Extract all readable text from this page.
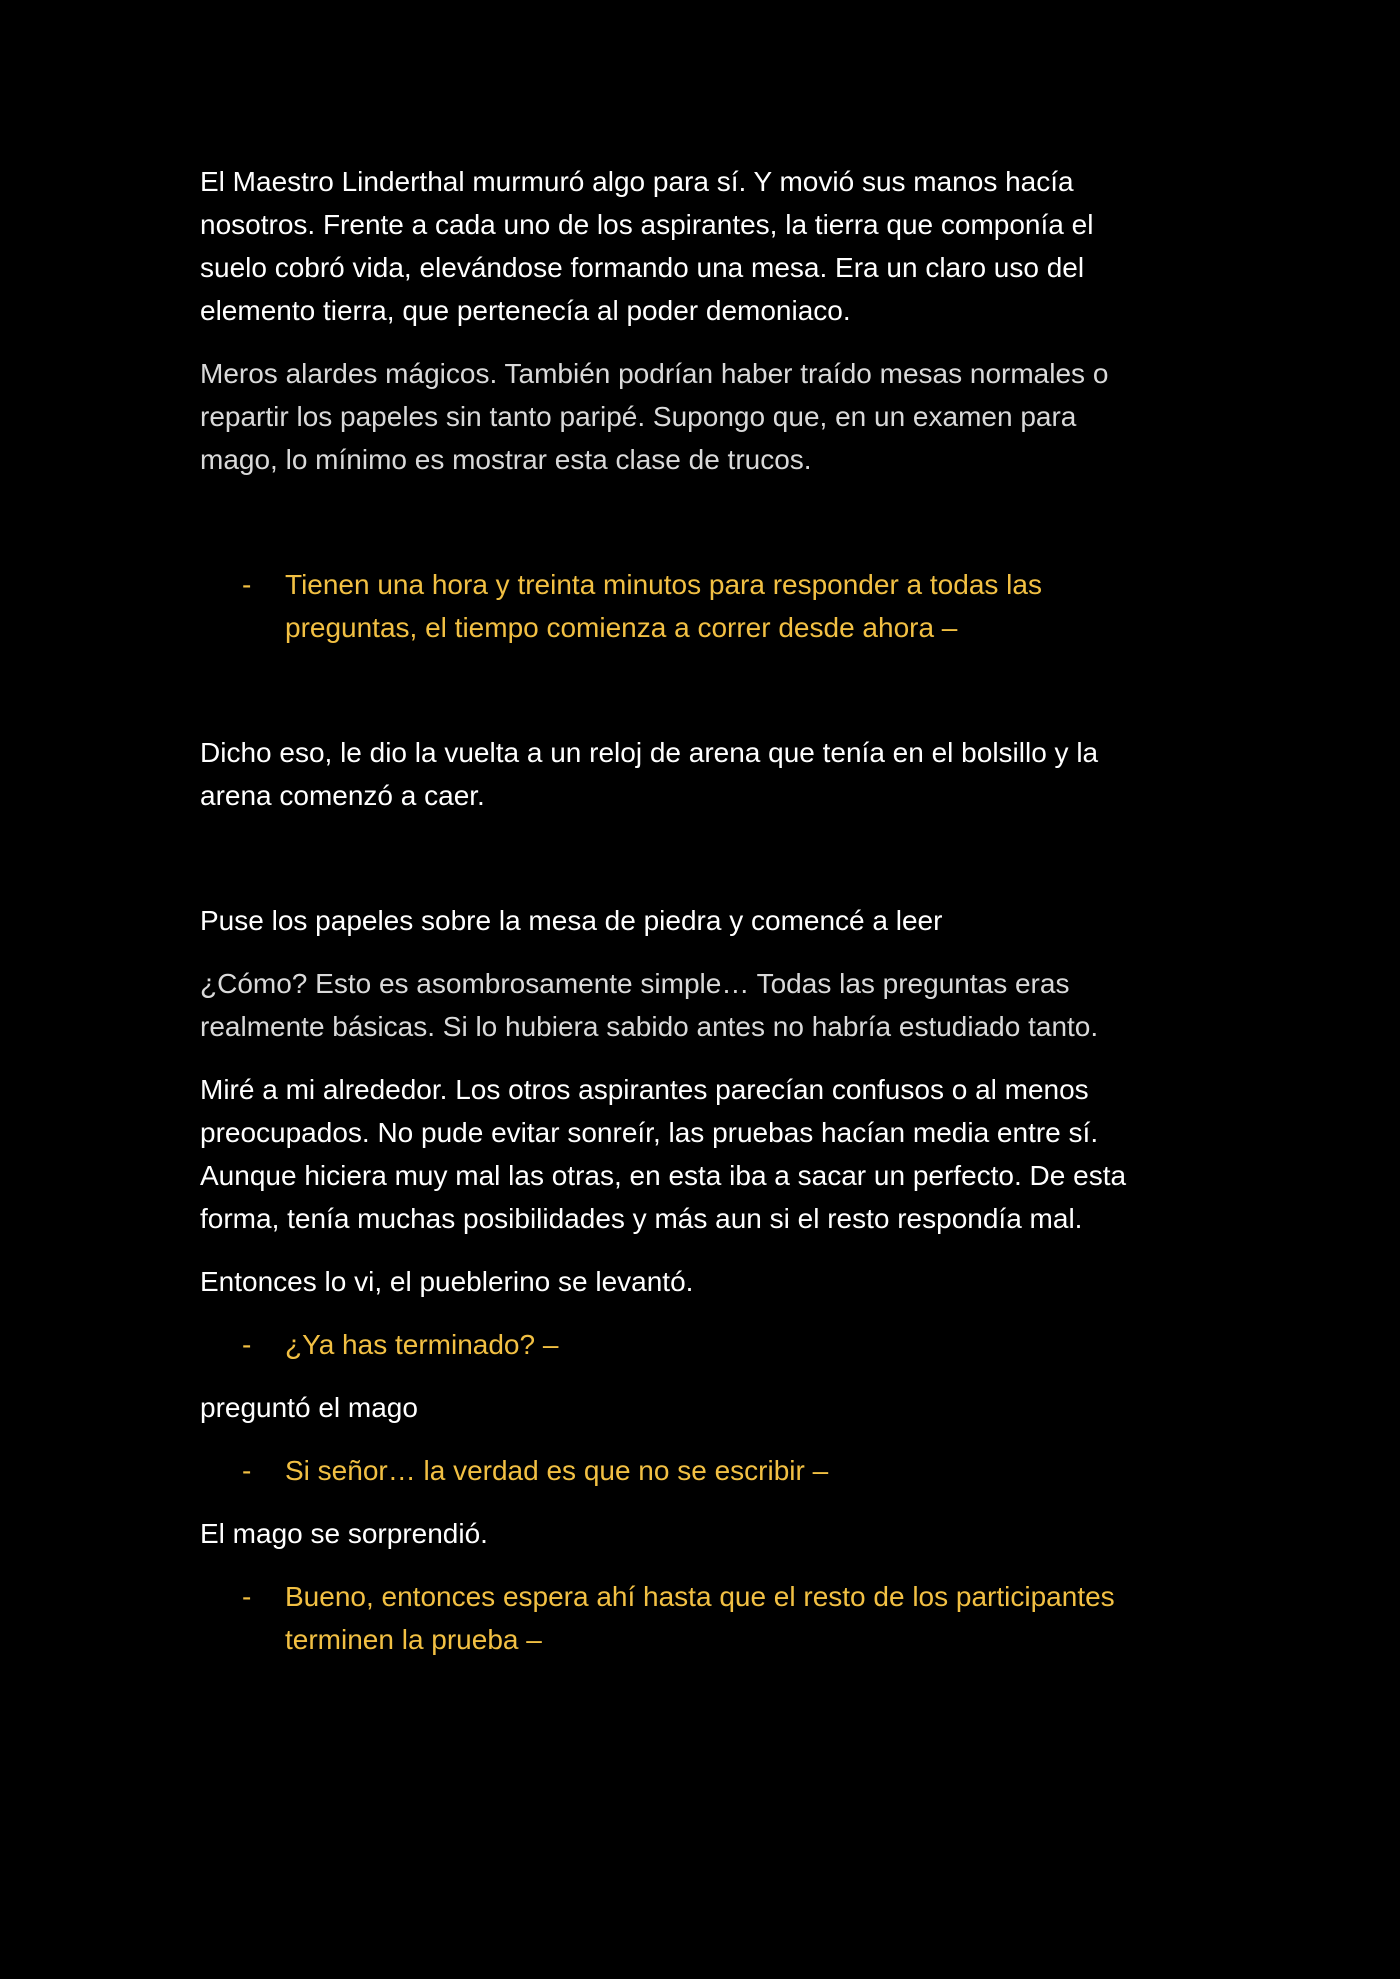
El Maestro Linderthal murmuró algo para sí. Y movió sus manos hacía
nosotros. Frente a cada uno de los aspirantes, la tierra que componía el
suelo cobró vida, elevándose formando una mesa. Era un claro uso del
elemento tierra, que pertenecía al poder demoniaco.

Meros alardes mágicos. También podrían haber traído mesas normales o
repartir los papeles sin tanto paripé. Supongo que, en un examen para
mago, lo mínimo es mostrar esta clase de trucos.

- Tienen una hora y treinta minutos para responder a todas las
preguntas, el tiempo comienza a correr desde ahora –

Dicho eso, le dio la vuelta a un reloj de arena que tenía en el bolsillo y la
arena comenzó a caer.

Puse los papeles sobre la mesa de piedra y comencé a leer

¿Cómo? Esto es asombrosamente simple… Todas las preguntas eras
realmente básicas. Si lo hubiera sabido antes no habría estudiado tanto.

Miré a mi alrededor. Los otros aspirantes parecían confusos o al menos
preocupados. No pude evitar sonreír, las pruebas hacían media entre sí.
Aunque hiciera muy mal las otras, en esta iba a sacar un perfecto. De esta
forma, tenía muchas posibilidades y más aun si el resto respondía mal.

Entonces lo vi, el pueblerino se levantó.

- ¿Ya has terminado? –

preguntó el mago

- Si señor… la verdad es que no se escribir –

El mago se sorprendió.

- Bueno, entonces espera ahí hasta que el resto de los participantes
terminen la prueba –
